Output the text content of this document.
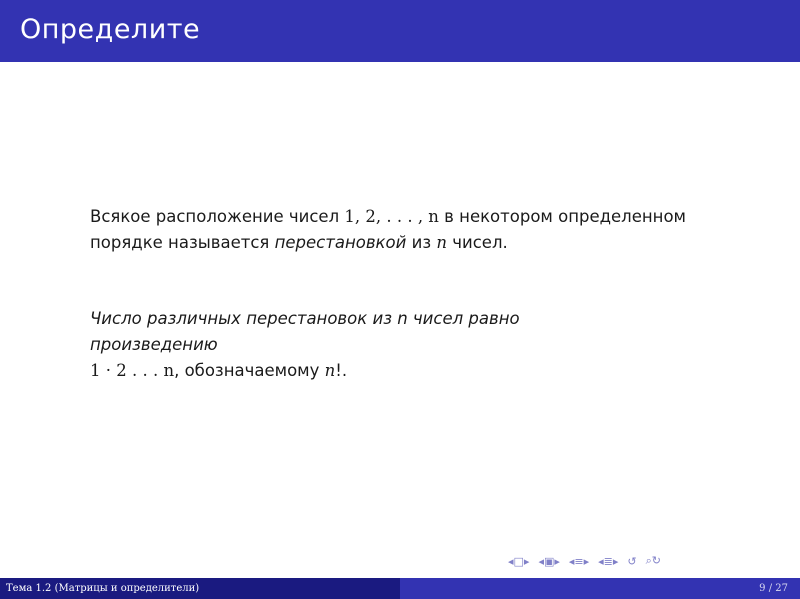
Определите

Всякое расположение чисел 1, 2, . . . , n в некотором определенном порядке называется перестановкой из n чисел.

Число различных перестановок из n чисел равно
произведению
1 · 2 . . . n, обозначаемому n!.
◂□▸ ◂▣▸ ◂≡▸ ◂≣▸ ↺ ⌕↻
Тема 1.2 (Матрицы и определители)	9 / 27
